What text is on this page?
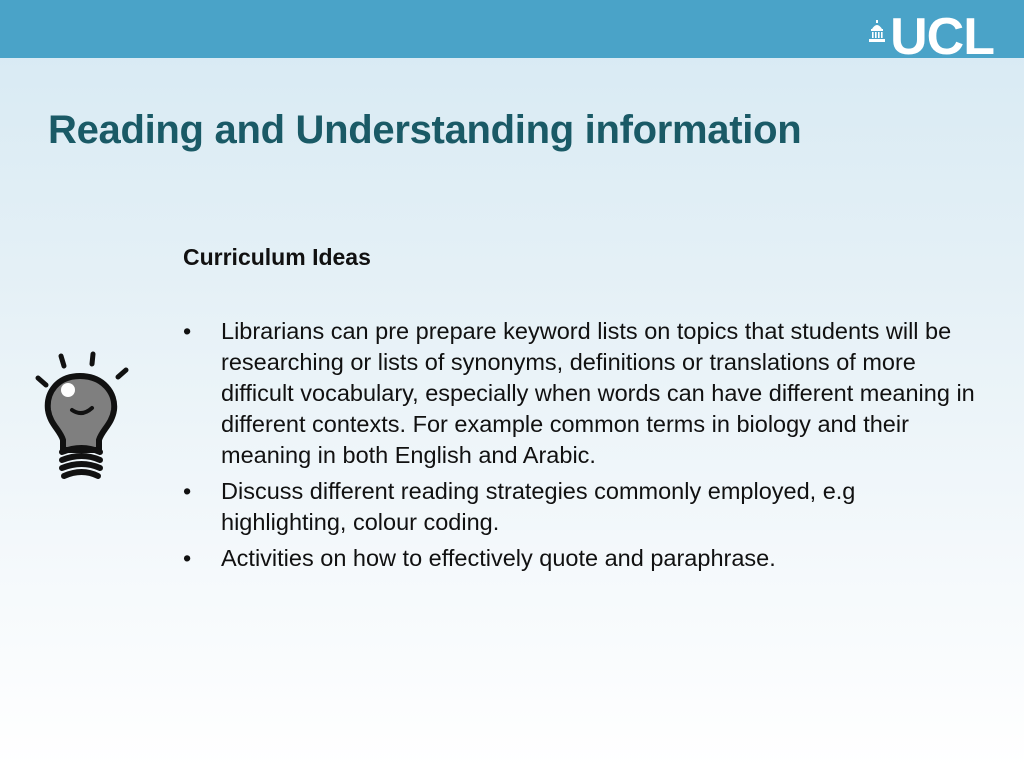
UCL
Reading and Understanding information
Curriculum Ideas
•	Librarians can pre prepare keyword lists on topics that students will be researching or lists of synonyms, definitions or translations of more difficult vocabulary, especially when words can have different meaning in different contexts. For example common terms in biology and their meaning in both English and Arabic.
•	Discuss different reading strategies commonly employed, e.g highlighting, colour coding.
•	Activities on how to effectively quote and paraphrase.
